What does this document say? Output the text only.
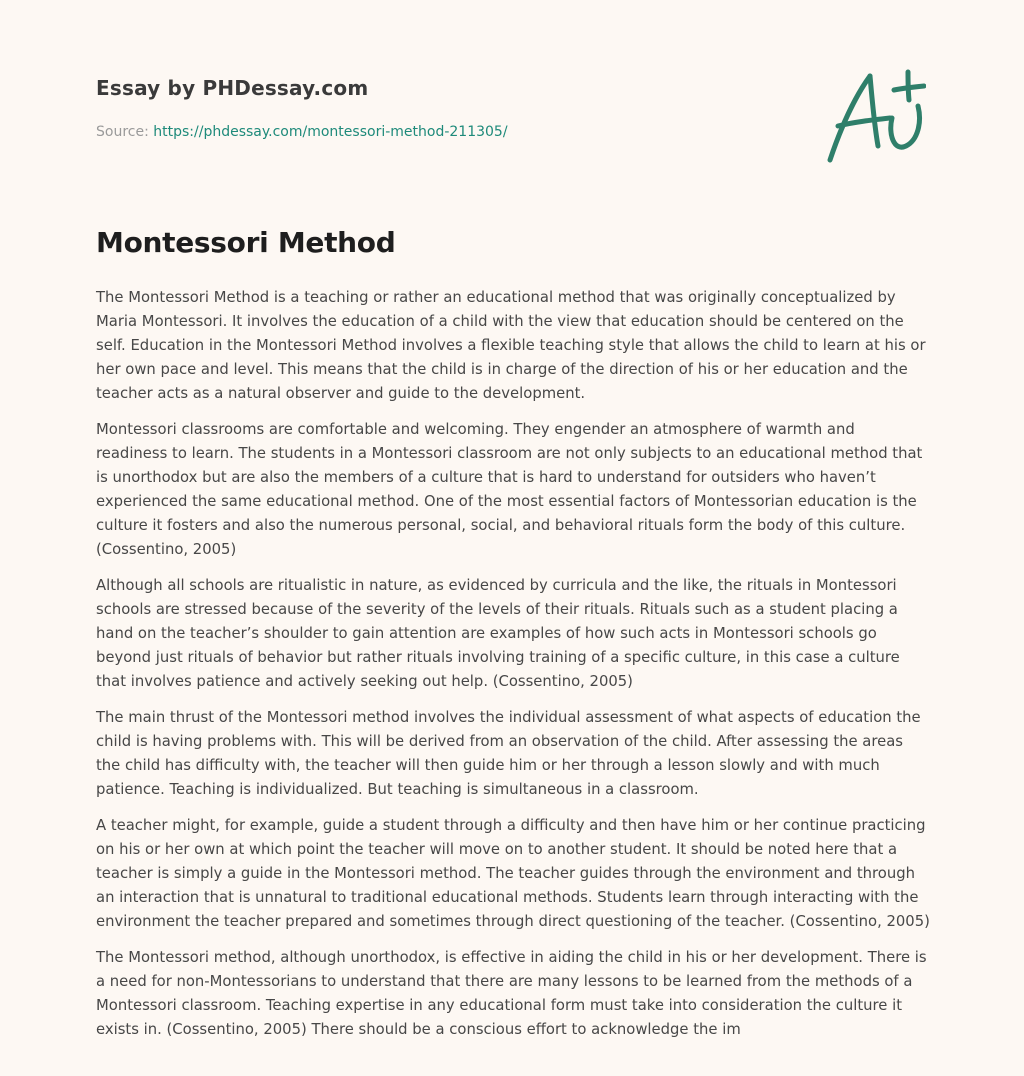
Essay by PHDessay.com
Source: https://phdessay.com/montessori-method-211305/
Montessori Method

The Montessori Method is a teaching or rather an educational method that was originally conceptualized by Maria Montessori. It involves the education of a child with the view that education should be centered on the self. Education in the Montessori Method involves a flexible teaching style that allows the child to learn at his or her own pace and level. This means that the child is in charge of the direction of his or her education and the teacher acts as a natural observer and guide to the development.

Montessori classrooms are comfortable and welcoming. They engender an atmosphere of warmth and readiness to learn. The students in a Montessori classroom are not only subjects to an educational method that is unorthodox but are also the members of a culture that is hard to understand for outsiders who haven’t experienced the same educational method. One of the most essential factors of Montessorian education is the culture it fosters and also the numerous personal, social, and behavioral rituals form the body of this culture. (Cossentino, 2005)

Although all schools are ritualistic in nature, as evidenced by curricula and the like, the rituals in Montessori schools are stressed because of the severity of the levels of their rituals. Rituals such as a student placing a hand on the teacher’s shoulder to gain attention are examples of how such acts in Montessori schools go beyond just rituals of behavior but rather rituals involving training of a specific culture, in this case a culture that involves patience and actively seeking out help. (Cossentino, 2005)

The main thrust of the Montessori method involves the individual assessment of what aspects of education the child is having problems with. This will be derived from an observation of the child. After assessing the areas the child has difficulty with, the teacher will then guide him or her through a lesson slowly and with much patience. Teaching is individualized. But teaching is simultaneous in a classroom.

A teacher might, for example, guide a student through a difficulty and then have him or her continue practicing on his or her own at which point the teacher will move on to another student. It should be noted here that a teacher is simply a guide in the Montessori method. The teacher guides through the environment and through an interaction that is unnatural to traditional educational methods. Students learn through interacting with the environment the teacher prepared and sometimes through direct questioning of the teacher. (Cossentino, 2005)

The Montessori method, although unorthodox, is effective in aiding the child in his or her development. There is a need for non-Montessorians to understand that there are many lessons to be learned from the methods of a Montessori classroom. Teaching expertise in any educational form must take into consideration the culture it exists in. (Cossentino, 2005) There should be a conscious effort to acknowledge the im
